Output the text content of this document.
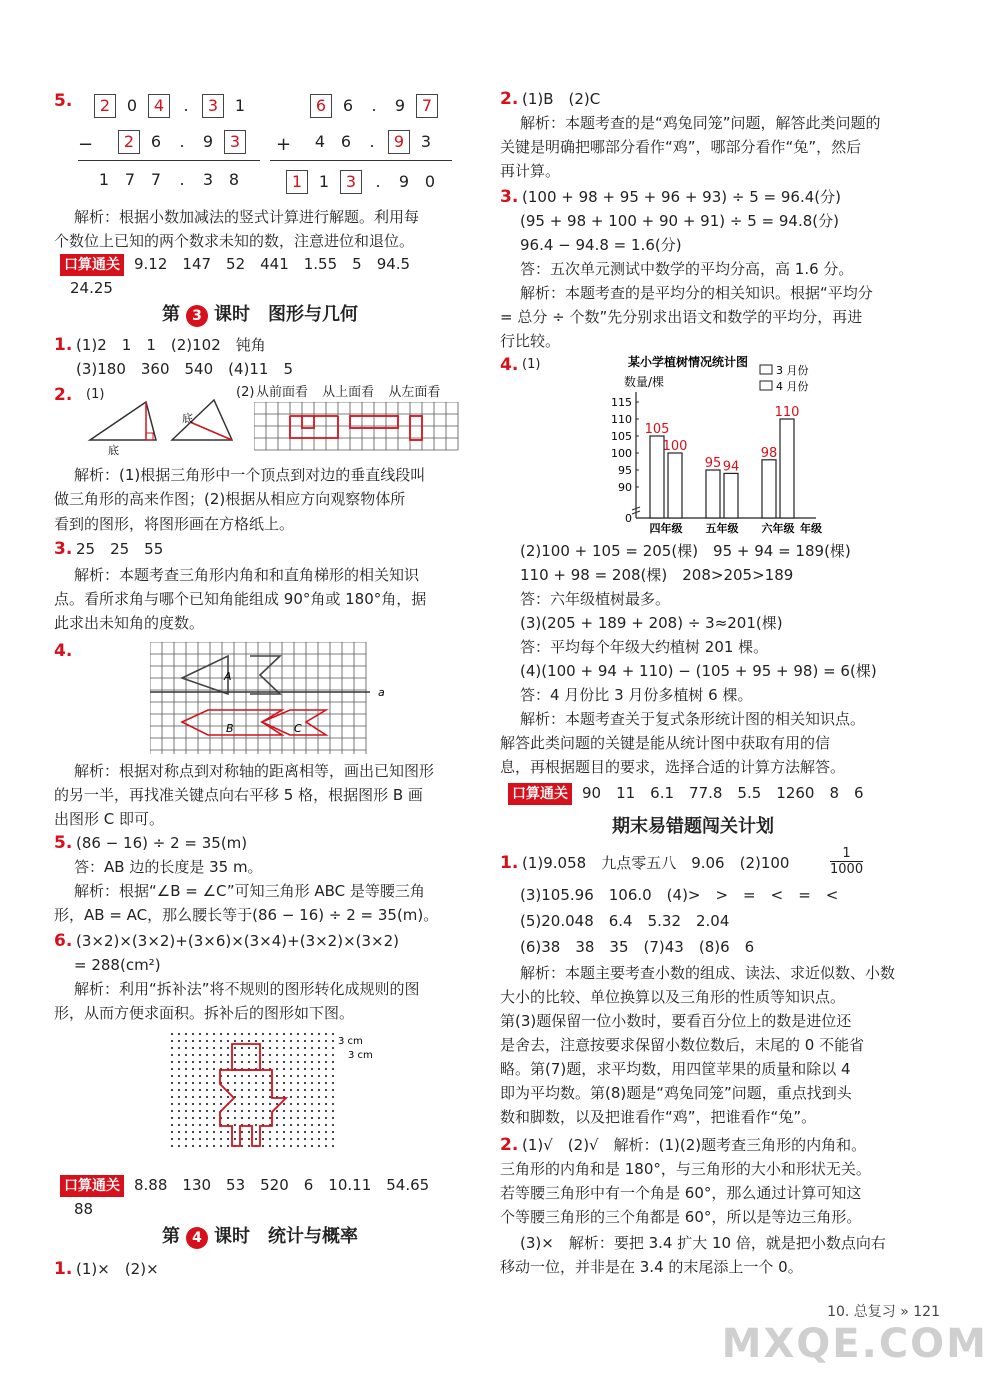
5.	2 0 4 . 3 1
−	2 6 . 9 3
1 7 7 . 3 8
6 6 . 9 7
+	4 6 . 9 3
1 1 3 . 9 0
解析：根据小数加减法的竖式计算进行解题。利用每
个数位上已知的两个数求未知的数，注意进位和退位。
口算通关 9.12　147　52　441　1.55　5　94.5
24.25
第 3 课时　图形与几何
1. (1)2　1　1　(2)102　钝角
(3)180　360　540　(4)11　5
2. (1)	(2)
底
底
从前面看 从上面看 从左面看
解析：(1)根据三角形中一个顶点到对边的垂直线段叫
做三角形的高来作图；(2)根据从相应方向观察物体所
看到的图形，将图形画在方格纸上。
3. 25　25　55
解析：本题考查三角形内角和和直角梯形的相关知识
点。看所求角与哪个已知角能组成 90°角或 180°角，据
此求出未知角的度数。
4.
A
B	C
a
解析：根据对称点到对称轴的距离相等，画出已知图形
的另一半，再找准关键点向右平移 5 格，根据图形 B 画
出图形 C 即可。
5. (86 − 16) ÷ 2 = 35(m)
答：AB 边的长度是 35 m。
解析：根据“∠B = ∠C”可知三角形 ABC 是等腰三角
形，AB = AC，那么腰长等于(86 − 16) ÷ 2 = 35(m)。
6. (3×2)×(3×2)+(3×6)×(3×4)+(3×2)×(3×2)
= 288(cm²)
解析：利用“拆补法”将不规则的图形转化成规则的图
形，从而方便求面积。拆补后的图形如下图。
3 cm
3 cm
口算通关 8.88　130　53　520　6　10.11　54.65
88
第 4 课时　统计与概率
1. (1)×　(2)×
2. (1)B　(2)C
解析：本题考查的是“鸡兔同笼”问题，解答此类问题的
关键是明确把哪部分看作“鸡”，哪部分看作“兔”，然后
再计算。
3. (100 + 98 + 95 + 96 + 93) ÷ 5 = 96.4(分)
(95 + 98 + 100 + 90 + 91) ÷ 5 = 94.8(分)
96.4 − 94.8 = 1.6(分)
答：五次单元测试中数学的平均分高，高 1.6 分。
解析：本题考查的是平均分的相关知识。根据“平均分
= 总分 ÷ 个数”先分别求出语文和数学的平均分，再进
行比较。
4. (1)	某小学植树情况统计图
数量/棵
3 月份
4 月份
0
90
95
100
105
110
115
四年级 五年级 六年级 年级
105
100
95 94
98
110
(2)100 + 105 = 205(棵)　95 + 94 = 189(棵)
110 + 98 = 208(棵)　208>205>189
答：六年级植树最多。
(3)(205 + 189 + 208) ÷ 3≈201(棵)
答：平均每个年级大约植树 201 棵。
(4)(100 + 94 + 110) − (105 + 95 + 98) = 6(棵)
答：4 月份比 3 月份多植树 6 棵。
解析：本题考查关于复式条形统计图的相关知识点。
解答此类问题的关键是能从统计图中获取有用的信
息，再根据题目的要求，选择合适的计算方法解答。
口算通关 90　11　6.1　77.8　5.5　1260　8　6
期末易错题闯关计划
1. (1)9.058　九点零五八　9.06　(2)100	$\frac{1}{1000}$
(3)105.96　106.0　(4)>　>　=　<　=　<
(5)20.048　6.4　5.32　2.04
(6)38　38　35　(7)43　(8)6　6
解析：本题主要考查小数的组成、读法、求近似数、小数
大小的比较、单位换算以及三角形的性质等知识点。
第(3)题保留一位小数时，要看百分位上的数是进位还
是舍去，注意按要求保留小数位数后，末尾的 0 不能省
略。第(7)题，求平均数，用四筐苹果的质量和除以 4
即为平均数。第(8)题是“鸡兔同笼”问题，重点找到头
数和脚数，以及把谁看作“鸡”，把谁看作“兔”。
2. (1)√　(2)√　解析：(1)(2)题考查三角形的内角和。
三角形的内角和是 180°，与三角形的大小和形状无关。
若等腰三角形中有一个角是 60°，那么通过计算可知这
个等腰三角形的三个角都是 60°，所以是等边三角形。
(3)×　解析：要把 3.4 扩大 10 倍，就是把小数点向右
移动一位，并非是在 3.4 的末尾添上一个 0。
10. 总复习 » 121
MXQE.COM
